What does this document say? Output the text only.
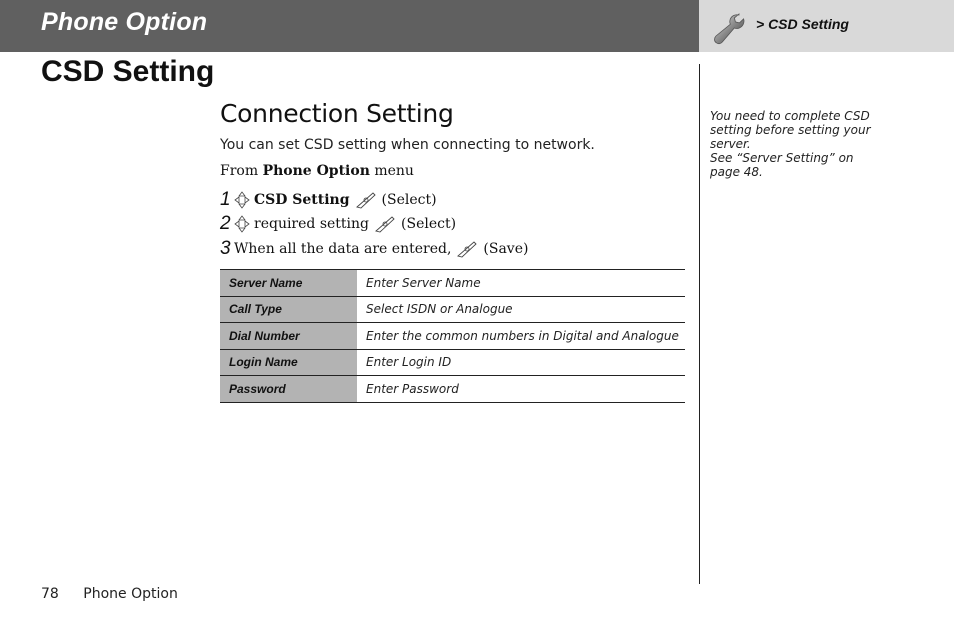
Phone Option	> CSD Setting
CSD Setting
Connection Setting
You can set CSD setting when connecting to network.
From Phone Option menu
1 CSD Setting (Select)
2 required setting (Select)
3 When all the data are entered, (Save)
Server Name	Enter Server Name
Call Type	Select ISDN or Analogue
Dial Number	Enter the common numbers in Digital and Analogue
Login Name	Enter Login ID
Password	Enter Password

You need to complete CSD setting before setting your server.

See “Server Setting” on page 48.

78 Phone Option
